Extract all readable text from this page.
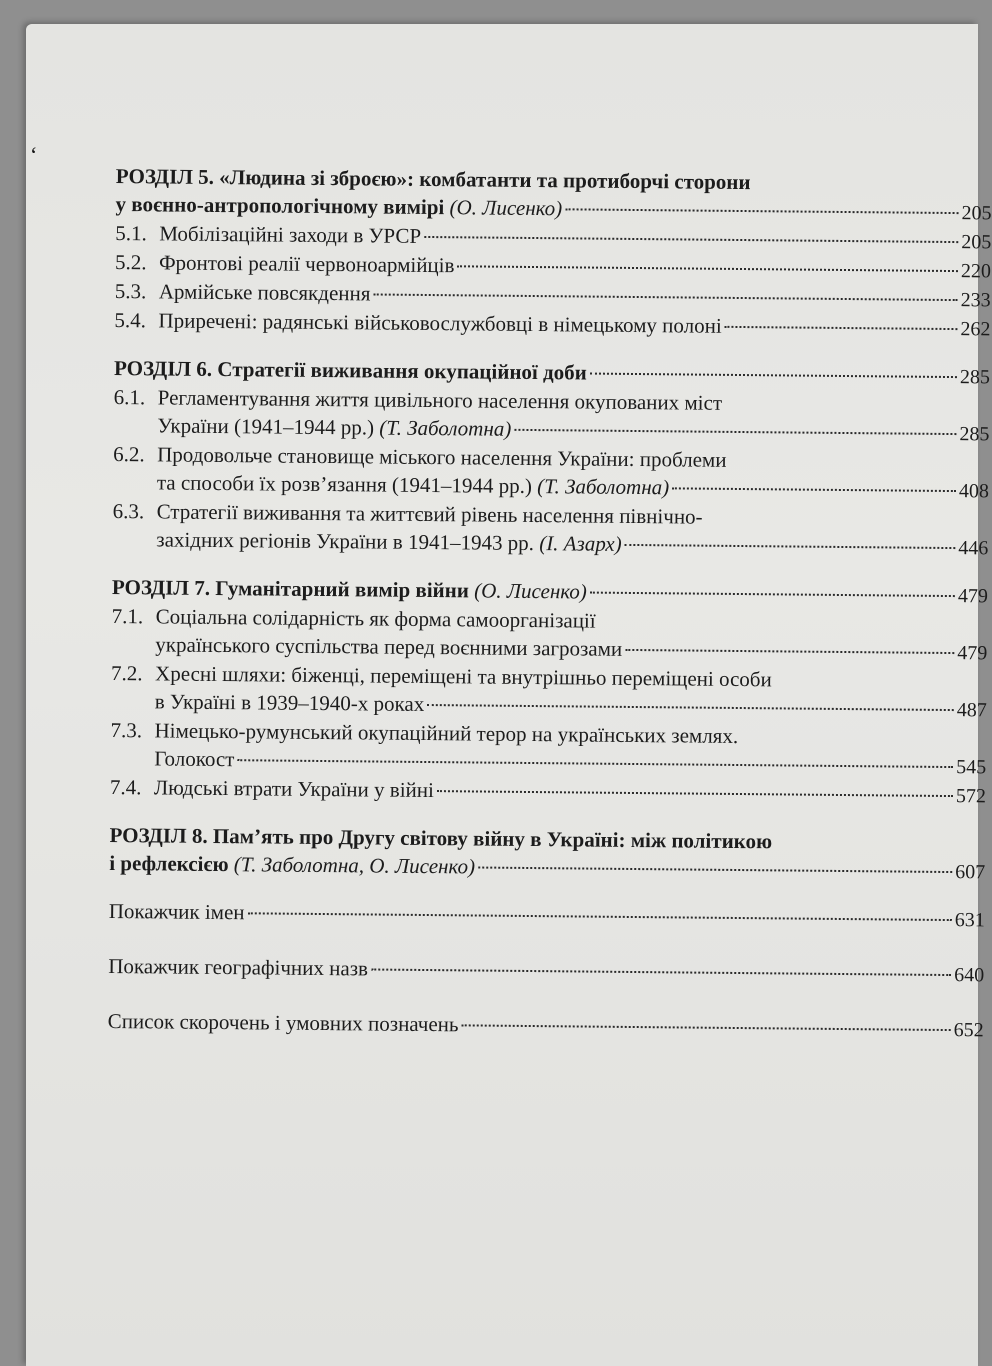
ʻ
РОЗДІЛ 5. «Людина зі зброєю»: комбатанти та протиборчі сторони
у воєнно-антропологічному вимірі (О. Лисенко)	205
5.1. Мобілізаційні заходи в УРСР	205
5.2. Фронтові реалії червоноармійців	220
5.3. Армійське повсякдення	233
5.4. Приречені: радянські військовослужбовці в німецькому полоні	262
РОЗДІЛ 6. Стратегії виживання окупаційної доби	285
6.1. Регламентування життя цивільного населення окупованих міст
України (1941–1944 рр.) (Т. Заболотна)	285
6.2. Продовольче становище міського населення України: проблеми
та способи їх розв’язання (1941–1944 рр.) (Т. Заболотна)	408
6.3. Стратегії виживання та життєвий рівень населення північно-
західних регіонів України в 1941–1943 рр. (І. Азарх)	446
РОЗДІЛ 7. Гуманітарний вимір війни (О. Лисенко)	479
7.1. Соціальна солідарність як форма самоорганізації
українського суспільства перед воєнними загрозами	479
7.2. Хресні шляхи: біженці, переміщені та внутрішньо переміщені особи
в Україні в 1939–1940-х роках	487
7.3. Німецько-румунський окупаційний терор на українських землях.
Голокост	545
7.4. Людські втрати України у війні	572
РОЗДІЛ 8. Пам’ять про Другу світову війну в Україні: між політикою
і рефлексією (Т. Заболотна, О. Лисенко)	607
Покажчик імен	631
Покажчик географічних назв	640
Список скорочень і умовних позначень	652
